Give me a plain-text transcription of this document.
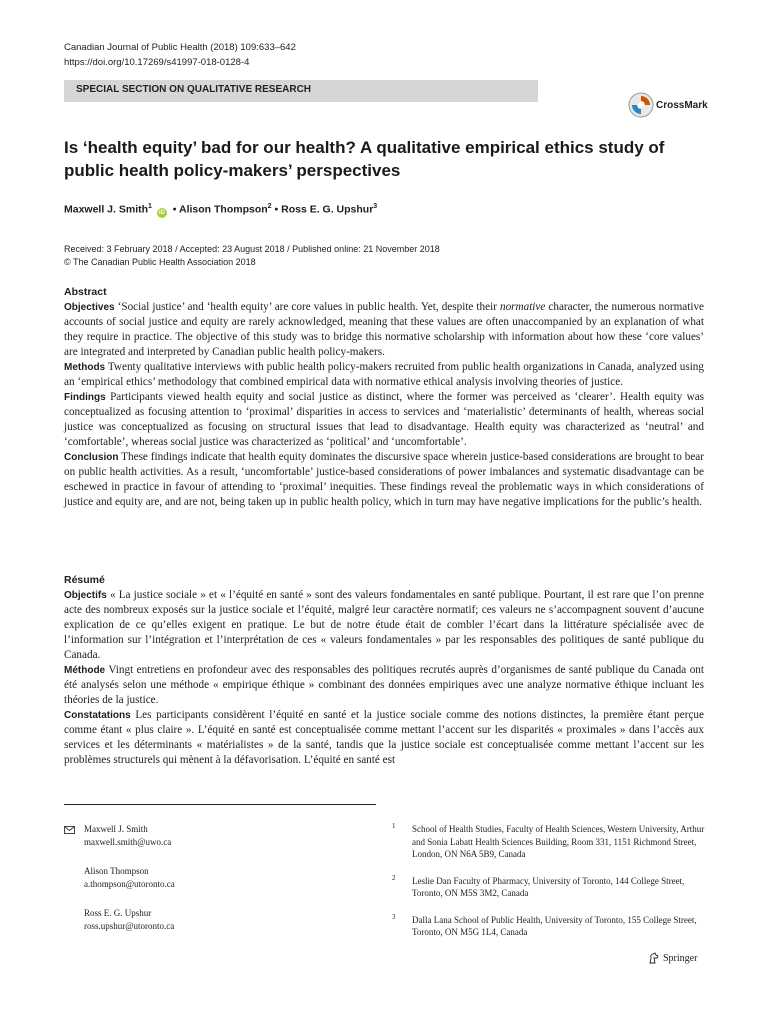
Canadian Journal of Public Health (2018) 109:633–642
https://doi.org/10.17269/s41997-018-0128-4
SPECIAL SECTION ON QUALITATIVE RESEARCH
CrossMark
Is ‘health equity’ bad for our health? A qualitative empirical ethics study of public health policy-makers’ perspectives
Maxwell J. Smith$^1$ iD • Alison Thompson$^2$ • Ross E. G. Upshur$^3$
Received: 3 February 2018 / Accepted: 23 August 2018 / Published online: 21 November 2018
© The Canadian Public Health Association 2018
Abstract

Objectives ‘Social justice’ and ‘health equity’ are core values in public health. Yet, despite their normative character, the numerous normative accounts of social justice and equity are rarely acknowledged, meaning that these values are often unaccompanied by an explanation of what they require in practice. The objective of this study was to bridge this normative scholarship with information about how these ‘core values’ are integrated and interpreted by Canadian public health policy-makers.

Methods Twenty qualitative interviews with public health policy-makers recruited from public health organizations in Canada, analyzed using an ‘empirical ethics’ methodology that combined empirical data with normative ethical analysis involving theories of justice.

Findings Participants viewed health equity and social justice as distinct, where the former was perceived as ‘clearer’. Health equity was conceptualized as focusing attention to ‘proximal’ disparities in access to services and ‘materialistic’ determinants of health, whereas social justice was conceptualized as focusing on structural issues that lead to disadvantage. Health equity was characterized as ‘neutral’ and ‘comfortable’, whereas social justice was characterized as ‘political’ and ‘uncomfortable’.

Conclusion These findings indicate that health equity dominates the discursive space wherein justice-based considerations are brought to bear on public health activities. As a result, ‘uncomfortable’ justice-based considerations of power imbalances and systematic disadvantage can be eschewed in practice in favour of attending to ‘proximal’ inequities. These findings reveal the problematic ways in which considerations of justice and equity are, and are not, being taken up in public health policy, which in turn may have negative implications for the public’s health.

Résumé

Objectifs « La justice sociale » et « l’équité en santé » sont des valeurs fondamentales en santé publique. Pourtant, il est rare que l’on prenne acte des nombreux exposés sur la justice sociale et l’équité, malgré leur caractère normatif; ces valeurs ne s’accompagnent souvent d’aucune explication de ce qu’elles exigent en pratique. Le but de notre étude était de combler l’écart dans la littérature spécialisée avec de l’information sur l’intégration et l’interprétation de ces « valeurs fondamentales » par les responsables des politiques de santé publique du Canada.

Méthode Vingt entretiens en profondeur avec des responsables des politiques recrutés auprès d’organismes de santé publique du Canada ont été analysés selon une méthode « empirique éthique » combinant des données empiriques avec une analyze normative éthique incluant les théories de la justice.

Constatations Les participants considèrent l’équité en santé et la justice sociale comme des notions distinctes, la première étant perçue comme étant « plus claire ». L’équité en santé est conceptualisée comme mettant l’accent sur les disparités « proximales » dans l’accès aux services et les déterminants « matérialistes » de la santé, tandis que la justice sociale est conceptualisée comme mettant l’accent sur les problèmes structurels qui mènent à la défavorisation. L’équité en santé est

Maxwell J. Smith
maxwell.smith@uwo.ca
Alison Thompson
a.thompson@utoronto.ca
Ross E. G. Upshur
ross.upshur@utoronto.ca
1 School of Health Studies, Faculty of Health Sciences, Western University, Arthur and Sonia Labatt Health Sciences Building, Room 331, 1151 Richmond Street, London, ON N6A 5B9, Canada
2 Leslie Dan Faculty of Pharmacy, University of Toronto, 144 College Street, Toronto, ON M5S 3M2, Canada
3 Dalla Lana School of Public Health, University of Toronto, 155 College Street, Toronto, ON M5G 1L4, Canada
Springer
